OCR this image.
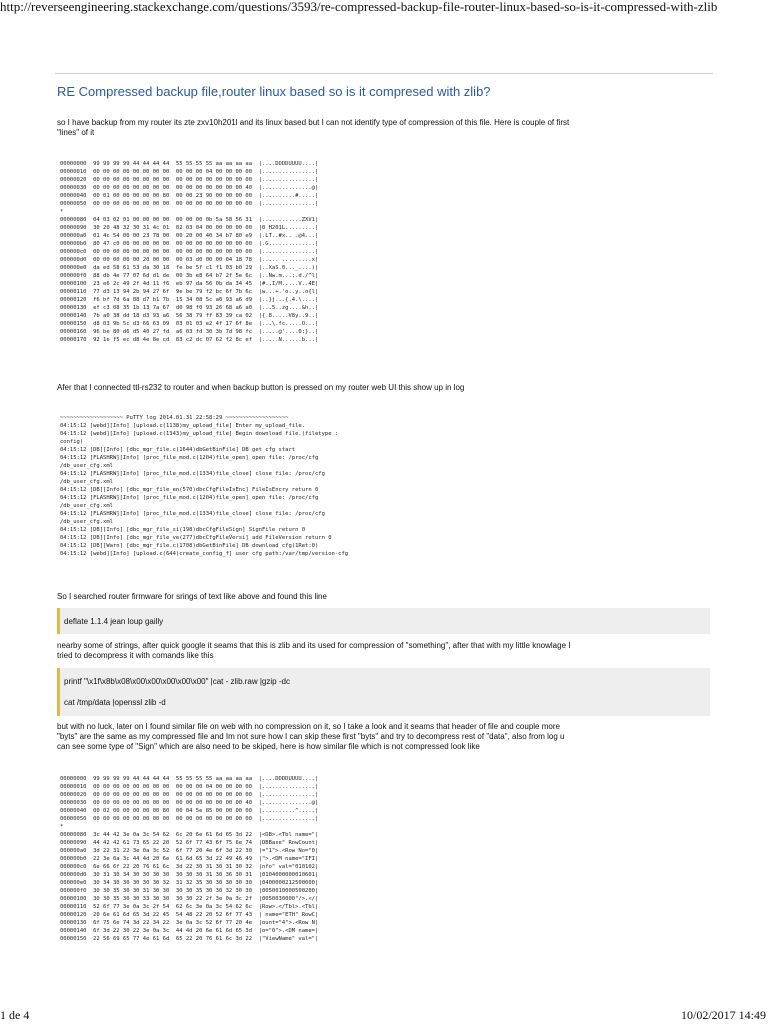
http://reverseengineering.stackexchange.com/questions/3593/re-compressed-backup-file-router-linux-based-so-is-it-compressed-with-zlib
RE Compressed backup file,router linux based so is it compresed with zlib?

so I have backup from my router its zte zxv10h201l and its linux based but I can not identify type of compression of this file. Here is couple of first
"lines" of it

00000000  99 99 99 99 44 44 44 44  55 55 55 55 aa aa aa aa  |....DDDDUUUU....|
00000010  00 00 00 00 00 00 00 00  00 00 00 04 00 00 00 00  |................|
00000020  00 00 00 00 00 00 00 00  00 00 00 00 00 00 00 00  |................|
00000030  00 00 00 00 00 00 00 00  00 00 00 00 00 00 00 40  |...............@|
00000040  00 01 00 00 00 00 00 80  00 00 23 90 00 00 00 00  |..........#.....|
00000050  00 00 00 00 00 00 00 00  00 00 00 00 00 00 00 00  |................|
*
00000080  04 03 02 01 00 00 00 00  00 00 00 0b 5a 58 56 31  |............ZXV1|
00000090  30 20 48 32 30 31 4c 01  02 03 04 00 00 00 00 00  |0 H201L.........|
000000a0  01 4c 54 00 00 23 78 00  00 20 00 40 34 b7 80 e9  |.LT..#x.. .@4...|
000000b0  80 47 c0 00 00 00 00 00  00 00 00 00 00 00 00 00  |.G..............|
000000c0  00 00 00 00 00 00 00 00  00 00 00 00 00 00 00 00  |................|
000000d0  00 00 00 00 00 20 00 00  00 03 d0 00 00 04 18 78  |..... .........x|
000000e0  da ed 58 61 53 da 30 18  fe be 5f c1 f1 03 b0 29  |..XaS.0..._....)|
000000f0  88 db 4e 77 07 6d d1 de  00 3b e8 64 b7 2f 5e 6c  |..Nw.m...;.d./^l|
00000100  23 e6 2c 49 2f 4d 11 f6  eb 97 da 56 0b da 34 45  |#.,I/M.....V..4E|
00000110  77 d3 13 94 2b 94 27 6f  9e be 79 f2 bc 6f 7b 6c  |w...+.'o..y..o{l|
00000120  f6 bf 7d 6a 88 d7 b1 7b  15 34 08 5c a0 93 a6 d9  |..}j...{.4.\....|
00000130  ef c3 08 35 1b 13 7a 67  d0 98 f0 93 26 68 a6 a0  |...5..zg....&h..|
00000140  7b a0 38 dd 18 d3 93 a6  56 38 79 ff 83 39 ca 02  |{.8.....V8y..9..|
00000150  d8 03 9b 5c d3 66 63 09  03 01 03 e2 4f 17 6f 8e  |...\.fc.....O...|
00000160  96 be 80 d6 d5 40 27 fd  a6 03 fd 30 3b 7d 98 fc  |.....@'....0;}..|
00000170  92 1e f5 ec d8 4e 8e cd  83 c2 dc 07 62 f2 8c ef  |.....N......b...|

Afer that I connected ttl-rs232 to router and when backup button is pressed on my router web UI this show up in log

~~~~~~~~~~~~~~~~~~~ PuTTY log 2014.01.31 22:58:29 ~~~~~~~~~~~~~~~~~~~
04:15:12 [webd][Info] [upload.c(1138)my_upload_file] Enter my_upload_file.
04:15:12 [webd][Info] [upload.c(1343)my_upload_file] Begin download file.(filetype :
config)
04:15:12 [DB][Info] [dbc_mgr_file.c(1644)dbGetBinFile] DB get cfg start
04:15:12 [FLASHRW][Info] [proc_file_mod.c(1204)file_open] open file: /proc/cfg
/db_user_cfg.xml
04:15:12 [FLASHRW][Info] [proc_file_mod.c(1334)file_close] close file: /proc/cfg
/db_user_cfg.xml
04:15:12 [DB][Info] [dbc_mgr_file_en(570)dbcCfgFileIsEnc] FileIsEncry return 0
04:15:12 [FLASHRW][Info] [proc_file_mod.c(1204)file_open] open file: /proc/cfg
/db_user_cfg.xml
04:15:12 [FLASHRW][Info] [proc_file_mod.c(1334)file_close] close file: /proc/cfg
/db_user_cfg.xml
04:15:12 [DB][Info] [dbc_mgr_file_si(198)dbcCfgFileSign] SignFile return 0
04:15:12 [DB][Info] [dbc_mgr_file_ve(277)dbcCfgFileVersi] add FileVersion return 0
04:15:12 [DB][Warn] [dbc_mgr_file.c(1708)dbGetBinFile] DB download cfg(1Ret:0)
04:15:12 [webd][Info] [upload.c(644)create_config_f] user cfg path:/var/tmp/version-cfg

So I searched router firmware for srings of text like above and found this line

deflate 1.1.4 jean loup gailly

nearby some of strings, after quick google it seams that this is zlib and its used for compression of "something", after that with my little knowlage I
tried to decompress it with comands like this

printf "\x1f\x8b\x08\x00\x00\x00\x00\x00" |cat - zlib.raw |gzip -dc
cat /tmp/data |openssl zlib -d

but with no luck, later on I found similar file on web with no compression on it, so I take a look and it seams that header of file and couple more
"byts" are the same as my compressed file and Im not sure how I can skip these first "byts" and try to decompress rest of "data", also from log u
can see some type of "Sign" which are also need to be skiped, here is how similar file which is not compressed look like

00000000  99 99 99 99 44 44 44 44  55 55 55 55 aa aa aa aa  |....DDDDUUUU....|
00000010  00 00 00 00 00 00 00 00  00 00 00 04 00 00 00 00  |................|
00000020  00 00 00 00 00 00 00 00  00 00 00 00 00 00 00 00  |................|
00000030  00 00 00 00 00 00 00 00  00 00 00 00 00 00 00 40  |...............@|
00000040  00 02 00 00 00 00 00 80  00 04 5e 85 00 00 00 00  |..........^.....|
00000050  00 00 00 00 00 00 00 00  00 00 00 00 00 00 00 00  |................|
*
00000080  3c 44 42 3e 0a 3c 54 62  6c 20 6e 61 6d 65 3d 22  |<DB>.<Tbl name="|
00000090  44 42 42 61 73 65 22 20  52 6f 77 43 6f 75 6e 74  |DBBase" RowCount|
000000a0  3d 22 31 22 3e 0a 3c 52  6f 77 20 4e 6f 3d 22 30  |="1">.<Row No="0|
000000b0  22 3e 0a 3c 44 4d 20 6e  61 6d 65 3d 22 49 46 49  |">.<DM name="IFI|
000000c0  6e 66 6f 22 20 76 61 6c  3d 22 30 31 30 31 30 32  |nfo" val="010102|
000000d0  30 31 30 34 30 30 30 30  30 30 30 31 30 36 30 31  |0104000000010601|
000000e0  30 34 30 30 30 30 30 32  31 32 35 30 30 30 30 30  |0400000212500000|
000000f0  30 30 35 30 30 31 30 30  30 30 35 30 30 32 30 30  |0050010000500200|
00000100  30 30 35 30 30 33 30 30  30 30 22 2f 3e 0a 3c 2f  |0050030000"/>.</|
00000110  52 6f 77 3e 0a 3c 2f 54  62 6c 3e 0a 3c 54 62 6c  |Row>.</Tbl>.<Tbl|
00000120  20 6e 61 6d 65 3d 22 45  54 48 22 20 52 6f 77 43  | name="ETH" RowC|
00000130  6f 75 6e 74 3d 22 34 22  3e 0a 3c 52 6f 77 20 4e  |ount="4">.<Row N|
00000140  6f 3d 22 30 22 3e 0a 3c  44 4d 20 6e 61 6d 65 3d  |o="0">.<DM name=|
00000150  22 56 69 65 77 4e 61 6d  65 22 20 76 61 6c 3d 22  |"ViewName" val="|
1 de 4	10/02/2017 14:49
